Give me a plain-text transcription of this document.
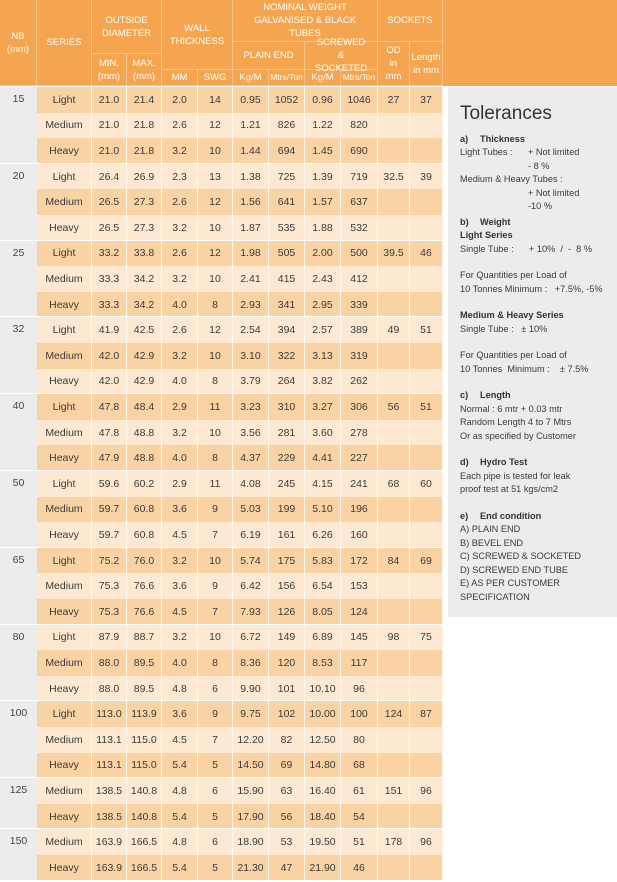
NB (mm)
SERIES
OUTSIDE DIAMETER
MIN. (mm)
MAX. (mm)
WALL THICKNESS
MM	SWG
NOMINAL WEIGHT GALVANISED & BLACK TUBES
PLAIN END
SCREWED & SOCKETED
Kg/M	Mtrs/Ton Kg/M	Mtrs/Ton
SOCKETS
OD in mm
Length in mm
15	Light	21.0	21.4	2.0	14	0.95	1052	0.96	1046	27	37
Medium	21.0	21.8	2.6	12	1.21	826	1.22	820
Heavy	21.0	21.8	3.2	10	1.44	694	1.45	690
20	Light	26.4	26.9	2.3	13	1.38	725	1.39	719	32.5	39
Medium	26.5	27.3	2.6	12	1.56	641	1.57	637
Heavy	26.5	27.3	3.2	10	1.87	535	1.88	532
25	Light	33.2	33.8	2.6	12	1.98	505	2.00	500	39.5	46
Medium	33.3	34.2	3.2	10	2.41	415	2.43	412
Heavy	33.3	34.2	4.0	8	2.93	341	2.95	339
32	Light	41.9	42.5	2.6	12	2.54	394	2.57	389	49	51
Medium	42.0	42.9	3.2	10	3.10	322	3.13	319
Heavy	42.0	42.9	4.0	8	3.79	264	3.82	262
40	Light	47.8	48.4	2.9	11	3.23	310	3.27	306	56	51
Medium	47.8	48.8	3.2	10	3.56	281	3.60	278
Heavy	47.9	48.8	4.0	8	4.37	229	4.41	227
50	Light	59.6	60.2	2.9	11	4.08	245	4.15	241	68	60
Medium	59.7	60.8	3.6	9	5.03	199	5.10	196
Heavy	59.7	60.8	4.5	7	6.19	161	6.26	160
65	Light	75.2	76.0	3.2	10	5.74	175	5.83	172	84	69
Medium	75.3	76.6	3.6	9	6.42	156	6.54	153
Heavy	75.3	76.6	4.5	7	7.93	126	8.05	124
80	Light	87.9	88.7	3.2	10	6.72	149	6.89	145	98	75
Medium	88.0	89.5	4.0	8	8.36	120	8.53	117
Heavy	88.0	89.5	4.8	6	9.90	101	10.10	96
100	Light	113.0 113.9	3.6	9	9.75	102	10.00	100	124	87
Medium	113.1 115.0	4.5	7	12.20	82	12.50	80
Heavy	113.1 115.0	5.4	5	14.50	69	14.80	68
125	Medium	138.5 140.8	4.8	6	15.90	63	16.40	61	151	96
Heavy	138.5 140.8	5.4	5	17.90	56	18.40	54
150	Medium	163.9 166.5	4.8	6	18.90	53	19.50	51	178	96
Heavy	163.9 166.5	5.4	5	21.30	47	21.90	46
Tolerances

a) Thickness

Light Tubes : + Not limited

- 8 %

Medium & Heavy Tubes :

+ Not limited

-10 %

b) Weight

Light Series

Single Tube :      + 10%  /  -  8 %

For Quantities per Load of

10 Tonnes Minimum :   +7.5%, -5%

Medium & Heavy Series

Single Tube :   ± 10%

For Quantities per Load of

10 Tonnes  Minimum :    ± 7.5%

c) Length

Normal : 6 mtr + 0.03 mtr

Random Length 4 to 7 Mtrs

Or as specified by Customer

d) Hydro Test

Each pipe is tested for leak

proof test at 51 kgs/cm2

e) End condition

A) PLAIN END

B) BEVEL END

C) SCREWED & SOCKETED

D) SCREWED END TUBE

E) AS PER CUSTOMER SPECIFICATION
